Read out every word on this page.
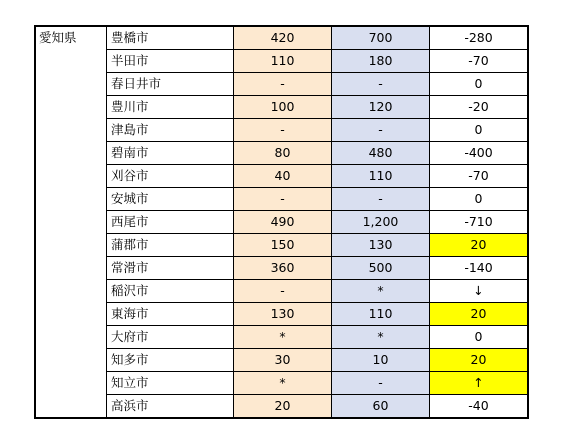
愛知県	豊橋市	420	700	-280
	半田市	110	180	-70
	春日井市	-	-	0
	豊川市	100	120	-20
	津島市	-	-	0
	碧南市	80	480	-400
	刈谷市	40	110	-70
	安城市	-	-	0
	西尾市	490	1,200	-710
	蒲郡市	150	130	20
	常滑市	360	500	-140
	稲沢市	-	*	↓
	東海市	130	110	20
	大府市	*	*	0
	知多市	30	10	20
	知立市	*	-	↑
	高浜市	20	60	-40
